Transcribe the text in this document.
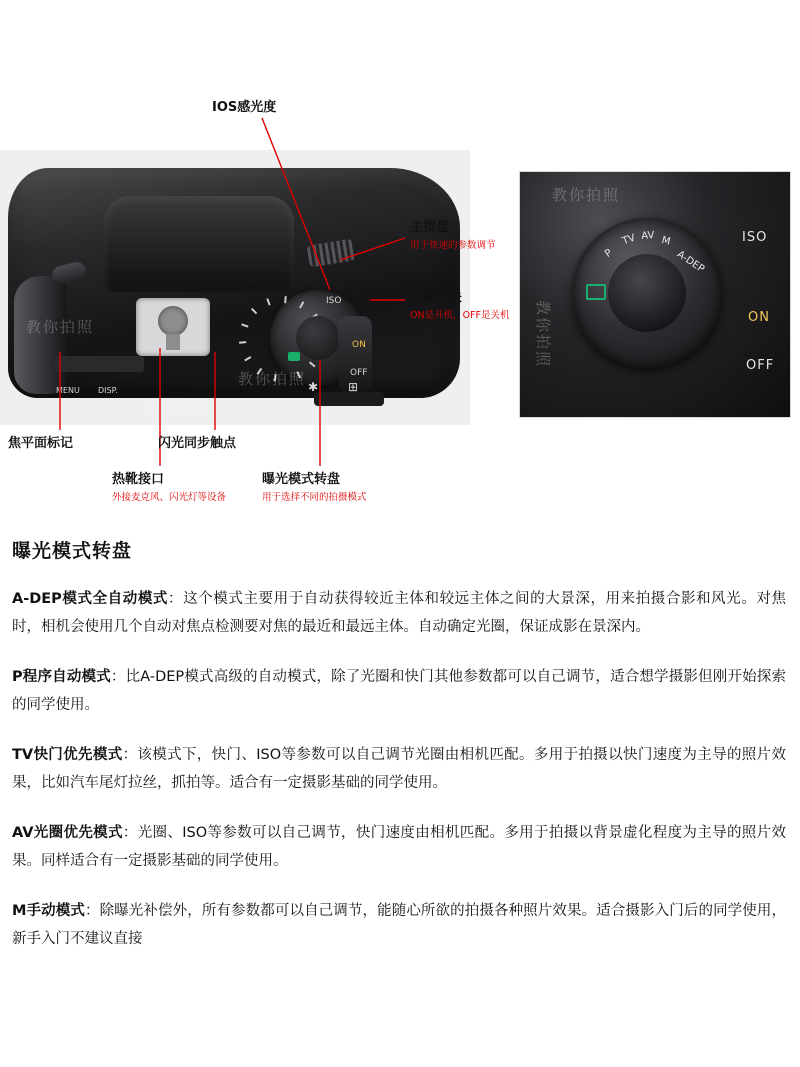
ISO
ON
OFF
✱ ⊞
MENU DISP.
教你拍照
教你拍照
教你拍照
A-DEP
M
AV
TV
P
ISO
ON
OFF
教你拍照
教你拍照
IOS感光度
主拨盘
用于快速的参数调节
电源开关
ON是开机，OFF是关机
焦平面标记
热靴接口
外接麦克风、闪光灯等设备
闪光同步触点
曝光模式转盘
用于选择不同的拍摄模式
曝光模式转盘

A-DEP模式全自动模式：这个模式主要用于自动获得较近主体和较远主体之间的大景深，用来拍摄合影和风光。对焦时，相机会使用几个自动对焦点检测要对焦的最近和最远主体。自动确定光圈，保证成影在景深内。

P程序自动模式：比A-DEP模式高级的自动模式，除了光圈和快门其他参数都可以自己调节，适合想学摄影但刚开始探索的同学使用。

TV快门优先模式：该模式下，快门、ISO等参数可以自己调节光圈由相机匹配。多用于拍摄以快门速度为主导的照片效果，比如汽车尾灯拉丝，抓拍等。适合有一定摄影基础的同学使用。

AV光圈优先模式：光圈、ISO等参数可以自己调节，快门速度由相机匹配。多用于拍摄以背景虚化程度为主导的照片效果。同样适合有一定摄影基础的同学使用。

M手动模式：除曝光补偿外，所有参数都可以自己调节，能随心所欲的拍摄各种照片效果。适合摄影入门后的同学使用，新手入门不建议直接
